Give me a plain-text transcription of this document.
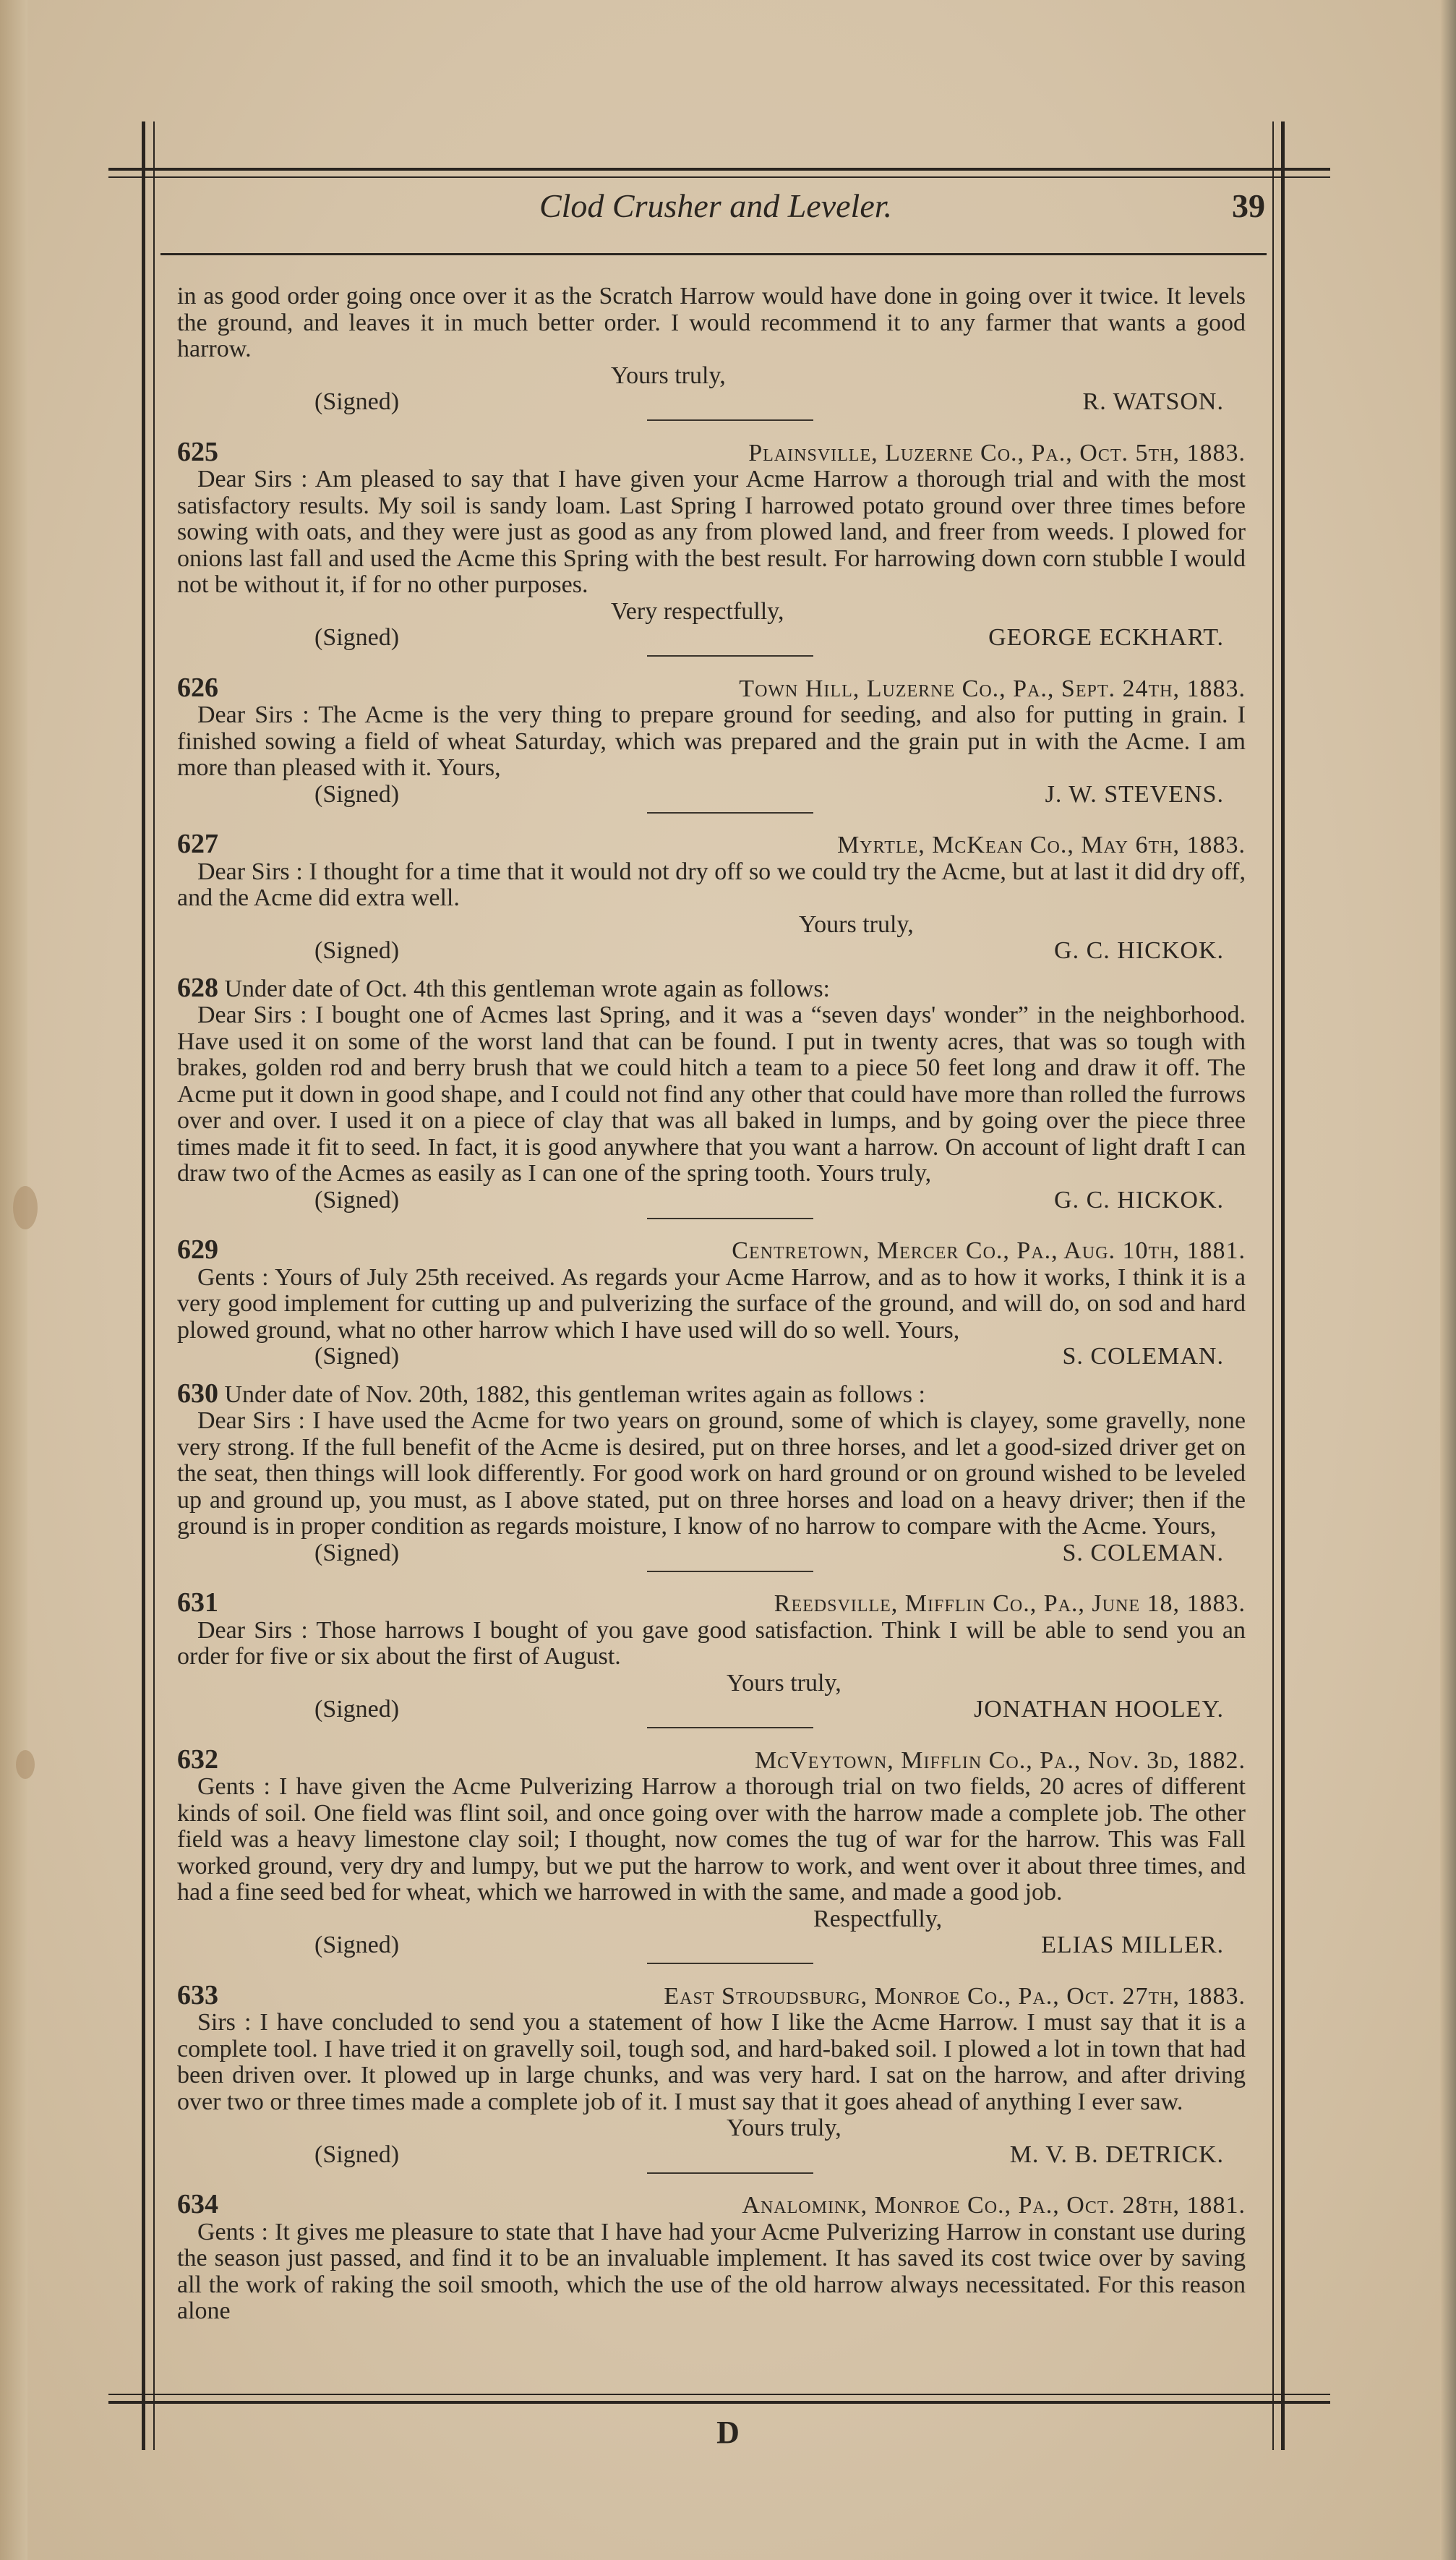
Clod Crusher and Leveler.	39

in as good order going once over it as the Scratch Harrow would have done in going over it twice. It levels the ground, and leaves it in much better order. I would recommend it to any farmer that wants a good harrow.

Yours truly,
(Signed)	R. WATSON.
625	Plainsville, Luzerne Co., Pa., Oct. 5th, 1883.

Dear Sirs : Am pleased to say that I have given your Acme Harrow a thorough trial and with the most satisfactory results. My soil is sandy loam. Last Spring I harrowed potato ground over three times before sowing with oats, and they were just as good as any from plowed land, and freer from weeds. I plowed for onions last fall and used the Acme this Spring with the best result. For harrowing down corn stubble I would not be without it, if for no other purposes.

Very respectfully,
(Signed)	GEORGE ECKHART.
626	Town Hill, Luzerne Co., Pa., Sept. 24th, 1883.

Dear Sirs : The Acme is the very thing to prepare ground for seeding, and also for putting in grain. I finished sowing a field of wheat Saturday, which was prepared and the grain put in with the Acme. I am more than pleased with it. Yours,

(Signed)	J. W. STEVENS.
627	Myrtle, McKean Co., May 6th, 1883.

Dear Sirs : I thought for a time that it would not dry off so we could try the Acme, but at last it did dry off, and the Acme did extra well.

Yours truly,
(Signed)	G. C. HICKOK.
628 Under date of Oct. 4th this gentleman wrote again as follows:

Dear Sirs : I bought one of Acmes last Spring, and it was a “seven days' wonder” in the neighborhood. Have used it on some of the worst land that can be found. I put in twenty acres, that was so tough with brakes, golden rod and berry brush that we could hitch a team to a piece 50 feet long and draw it off. The Acme put it down in good shape, and I could not find any other that could have more than rolled the furrows over and over. I used it on a piece of clay that was all baked in lumps, and by going over the piece three times made it fit to seed. In fact, it is good anywhere that you want a harrow. On account of light draft I can draw two of the Acmes as easily as I can one of the spring tooth. Yours truly,

(Signed)	G. C. HICKOK.
629	Centretown, Mercer Co., Pa., Aug. 10th, 1881.

Gents : Yours of July 25th received. As regards your Acme Harrow, and as to how it works, I think it is a very good implement for cutting up and pulverizing the surface of the ground, and will do, on sod and hard plowed ground, what no other harrow which I have used will do so well. Yours,

(Signed)	S. COLEMAN.
630 Under date of Nov. 20th, 1882, this gentleman writes again as follows :

Dear Sirs : I have used the Acme for two years on ground, some of which is clayey, some gravelly, none very strong. If the full benefit of the Acme is desired, put on three horses, and let a good-sized driver get on the seat, then things will look differently. For good work on hard ground or on ground wished to be leveled up and ground up, you must, as I above stated, put on three horses and load on a heavy driver; then if the ground is in proper condition as regards moisture, I know of no harrow to compare with the Acme. Yours,

(Signed)	S. COLEMAN.
631	Reedsville, Mifflin Co., Pa., June 18, 1883.

Dear Sirs : Those harrows I bought of you gave good satisfaction. Think I will be able to send you an order for five or six about the first of August.

Yours truly,
(Signed)	JONATHAN HOOLEY.
632	McVeytown, Mifflin Co., Pa., Nov. 3d, 1882.

Gents : I have given the Acme Pulverizing Harrow a thorough trial on two fields, 20 acres of different kinds of soil. One field was flint soil, and once going over with the harrow made a complete job. The other field was a heavy limestone clay soil; I thought, now comes the tug of war for the harrow. This was Fall worked ground, very dry and lumpy, but we put the harrow to work, and went over it about three times, and had a fine seed bed for wheat, which we harrowed in with the same, and made a good job.

Respectfully,
(Signed)	ELIAS MILLER.
633	East Stroudsburg, Monroe Co., Pa., Oct. 27th, 1883.

Sirs : I have concluded to send you a statement of how I like the Acme Harrow. I must say that it is a complete tool. I have tried it on gravelly soil, tough sod, and hard-baked soil. I plowed a lot in town that had been driven over. It plowed up in large chunks, and was very hard. I sat on the harrow, and after driving over two or three times made a complete job of it. I must say that it goes ahead of anything I ever saw.

Yours truly,
(Signed)	M. V. B. DETRICK.
634	Analomink, Monroe Co., Pa., Oct. 28th, 1881.

Gents : It gives me pleasure to state that I have had your Acme Pulverizing Harrow in constant use during the season just passed, and find it to be an invaluable implement. It has saved its cost twice over by saving all the work of raking the soil smooth, which the use of the old harrow always necessitated. For this reason alone

D
